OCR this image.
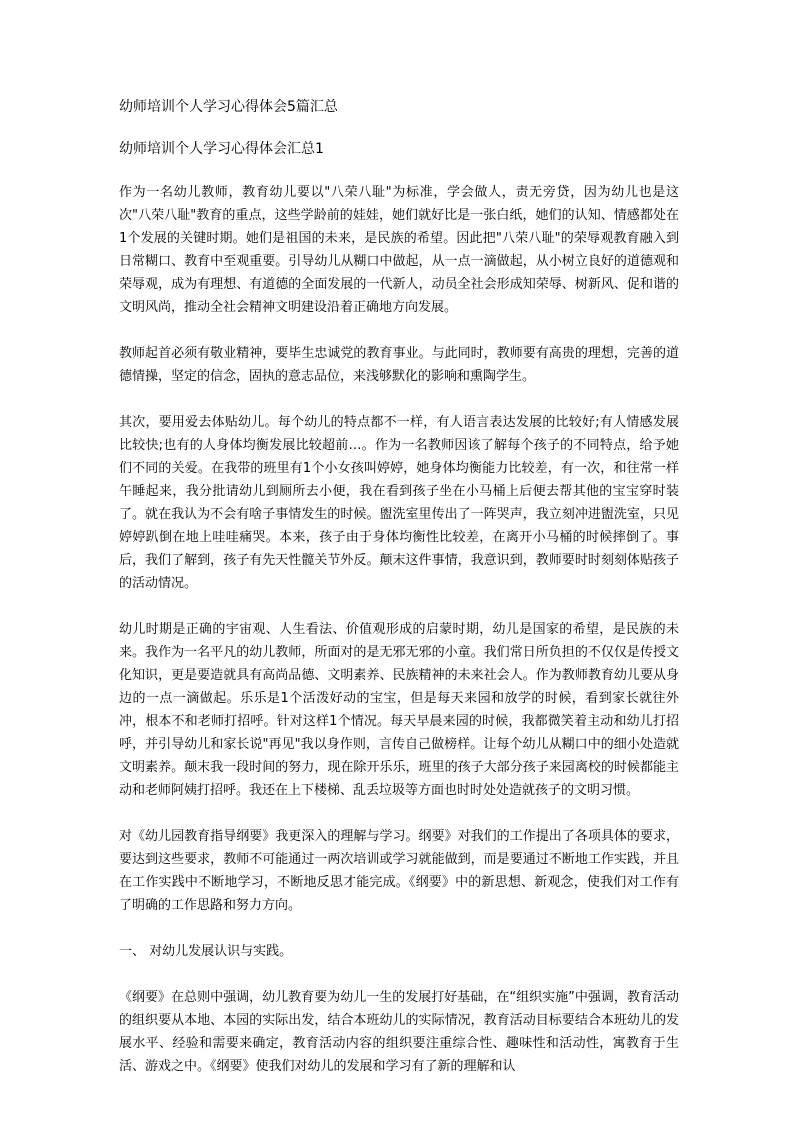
幼师培训个人学习心得体会5篇汇总
幼师培训个人学习心得体会汇总1

作为一名幼儿教师，教育幼儿要以"八荣八耻"为标准，学会做人，责无旁贷，因为幼儿也是这次"八荣八耻"教育的重点，这些学龄前的娃娃，她们就好比是一张白纸，她们的认知、情感都处在1个发展的关键时期。她们是祖国的未来，是民族的希望。因此把"八荣八耻"的荣辱观教育融入到日常糊口、教育中至观重要。引导幼儿从糊口中做起，从一点一滴做起，从小树立良好的道德观和荣辱观，成为有理想、有道德的全面发展的一代新人，动员全社会形成知荣辱、树新风、促和谐的文明风尚，推动全社会精神文明建设沿着正确地方向发展。

教师起首必须有敬业精神，要毕生忠诚党的教育事业。与此同时，教师要有高贵的理想，完善的道德情操，坚定的信念，固执的意志品位，来浅够默化的影响和熏陶学生。

其次，要用爱去体贴幼儿。每个幼儿的特点都不一样，有人语言表达发展的比较好;有人情感发展比较快;也有的人身体均衡发展比较超前…。作为一名教师因该了解每个孩子的不同特点，给予她们不同的关爱。在我带的班里有1个小女孩叫婷婷，她身体均衡能力比较差，有一次，和往常一样午睡起来，我分批请幼儿到厕所去小便，我在看到孩子坐在小马桶上后便去帮其他的宝宝穿时装了。就在我认为不会有啥子事情发生的时候。盥洗室里传出了一阵哭声，我立刻冲进盥洗室，只见婷婷趴倒在地上哇哇痛哭。本来，孩子由于身体均衡性比较差，在离开小马桶的时候摔倒了。事后，我们了解到，孩子有先天性髋关节外反。颠末这件事情，我意识到，教师要时时刻刻体贴孩子的活动情况。

幼儿时期是正确的宇宙观、人生看法、价值观形成的启蒙时期，幼儿是国家的希望，是民族的未来。我作为一名平凡的幼儿教师，所面对的是无邪无邪的小童。我们常日所负担的不仅仅是传授文化知识，更是要造就具有高尚品德、文明素养、民族精神的未来社会人。作为教师教育幼儿要从身边的一点一滴做起。乐乐是1个活泼好动的宝宝，但是每天来园和放学的时候，看到家长就往外冲，根本不和老师打招呼。针对这样1个情况。每天早晨来园的时候，我都微笑着主动和幼儿打招呼，并引导幼儿和家长说"再见"我以身作则，言传自己做榜样。让每个幼儿从糊口中的细小处造就文明素养。颠末我一段时间的努力，现在除开乐乐，班里的孩子大部分孩子来园离校的时候都能主动和老师阿姨打招呼。我还在上下楼梯、乱丢垃圾等方面也时时处处造就孩子的文明习惯。

对《幼儿园教育指导纲要》我更深入的理解与学习。纲要》对我们的工作提出了各项具体的要求，要达到这些要求，教师不可能通过一两次培训或学习就能做到，而是要通过不断地工作实践，并且在工作实践中不断地学习，不断地反思才能完成。《纲要》中的新思想、新观念，使我们对工作有了明确的工作思路和努力方向。

一、 对幼儿发展认识与实践。

《纲要》在总则中强调，幼儿教育要为幼儿一生的发展打好基础，在“组织实施”中强调，教育活动的组织要从本地、本园的实际出发，结合本班幼儿的实际情况，教育活动目标要结合本班幼儿的发展水平、经验和需要来确定，教育活动内容的组织要注重综合性、趣味性和活动性，寓教育于生活、游戏之中。《纲要》使我们对幼儿的发展和学习有了新的理解和认
